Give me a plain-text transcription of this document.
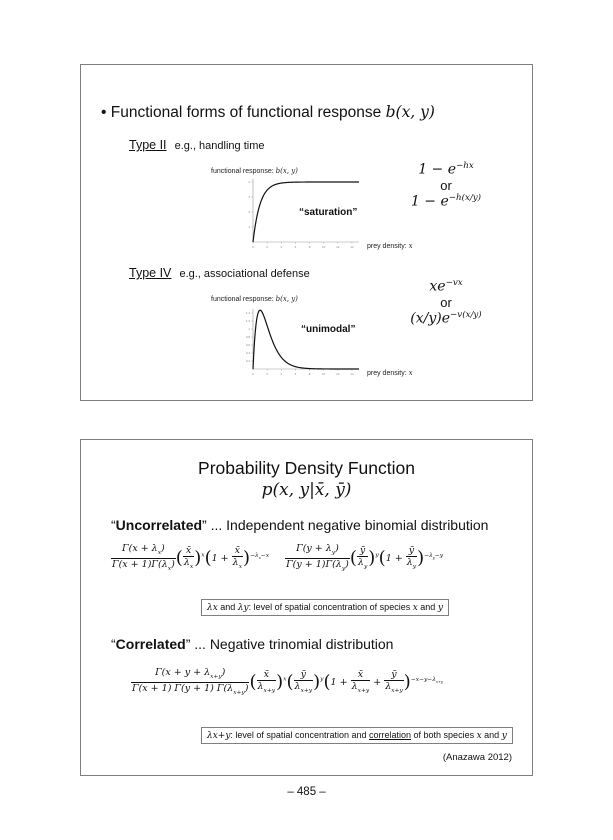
• Functional forms of functional response b(x, y)
Type II e.g., handling time
functional response: b(x, y)
0	2	4	6	8	10	12	14
1
2
3
4
“saturation”
prey density: x
$1 - e^{-hx}$
or
$1 - e^{-h(x/y)}$
Type IV e.g., associational defense
functional response: b(x, y)
0	2	4	6	8	10	12	14
0.2
0.4
0.6
0.8
1
1.2
1.4
“unimodal”
prey density: x
$xe^{-vx}$
or
$(x/y)e^{-v(x/y)}$
Probability Density Function
p(x, y|x̄, ȳ)
“Uncorrelated” ... Independent negative binomial distribution
$\frac{\Gamma(x + \lambda_x)}{\Gamma(x + 1)\Gamma(\lambda_x)}$ ( $\frac{x̄}{\lambda_x} )^x(1 + \frac{x̄}{\lambda_x} )^{-\lambda_x-x} \frac{\Gamma(y + \lambda_y)}{\Gamma(y + 1)\Gamma(\lambda_y)}$ ( $\frac{ȳ}{\lambda_y} )^y(1 + \frac{ȳ}{\lambda_y} )^{-\lambda_y-y}$
λx and λy: level of spatial concentration of species x and y
“Correlated” ... Negative trinomial distribution
$\frac{\Gamma(x + y + \lambda_{x+y})}{\Gamma(x + 1) \Gamma(y + 1) \Gamma(\lambda_{x+y})}$ ( $\frac{x̄}{\lambda_{x+y}} )^x( \frac{ȳ}{\lambda_{x+y}} )^y(1 + \frac{x̄}{\lambda_{x+y}} + \frac{ȳ}{\lambda_{x+y}} )^{-x-y-\lambda_{x+y}}$
λx+y: level of spatial concentration and correlation of both species x and y
(Anazawa 2012)
– 485 –
